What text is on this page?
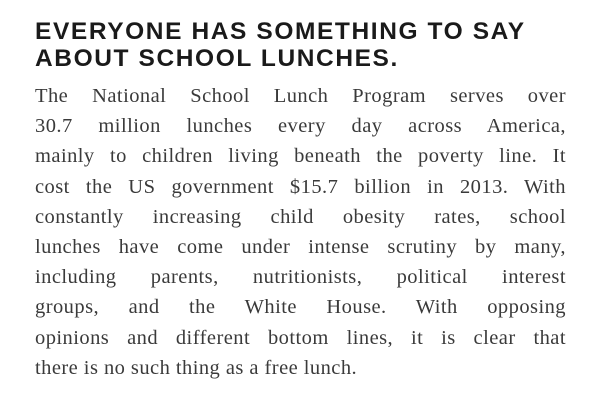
EVERYONE HAS SOMETHING TO SAY
ABOUT SCHOOL LUNCHES.
The National School Lunch Program serves over
30.7 million lunches every day across America,
mainly to children living beneath the poverty line. It
cost the US government $15.7 billion in 2013. With
constantly increasing child obesity rates, school
lunches have come under intense scrutiny by many,
including parents, nutritionists, political interest
groups, and the White House. With opposing
opinions and different bottom lines, it is clear that
there is no such thing as a free lunch.
